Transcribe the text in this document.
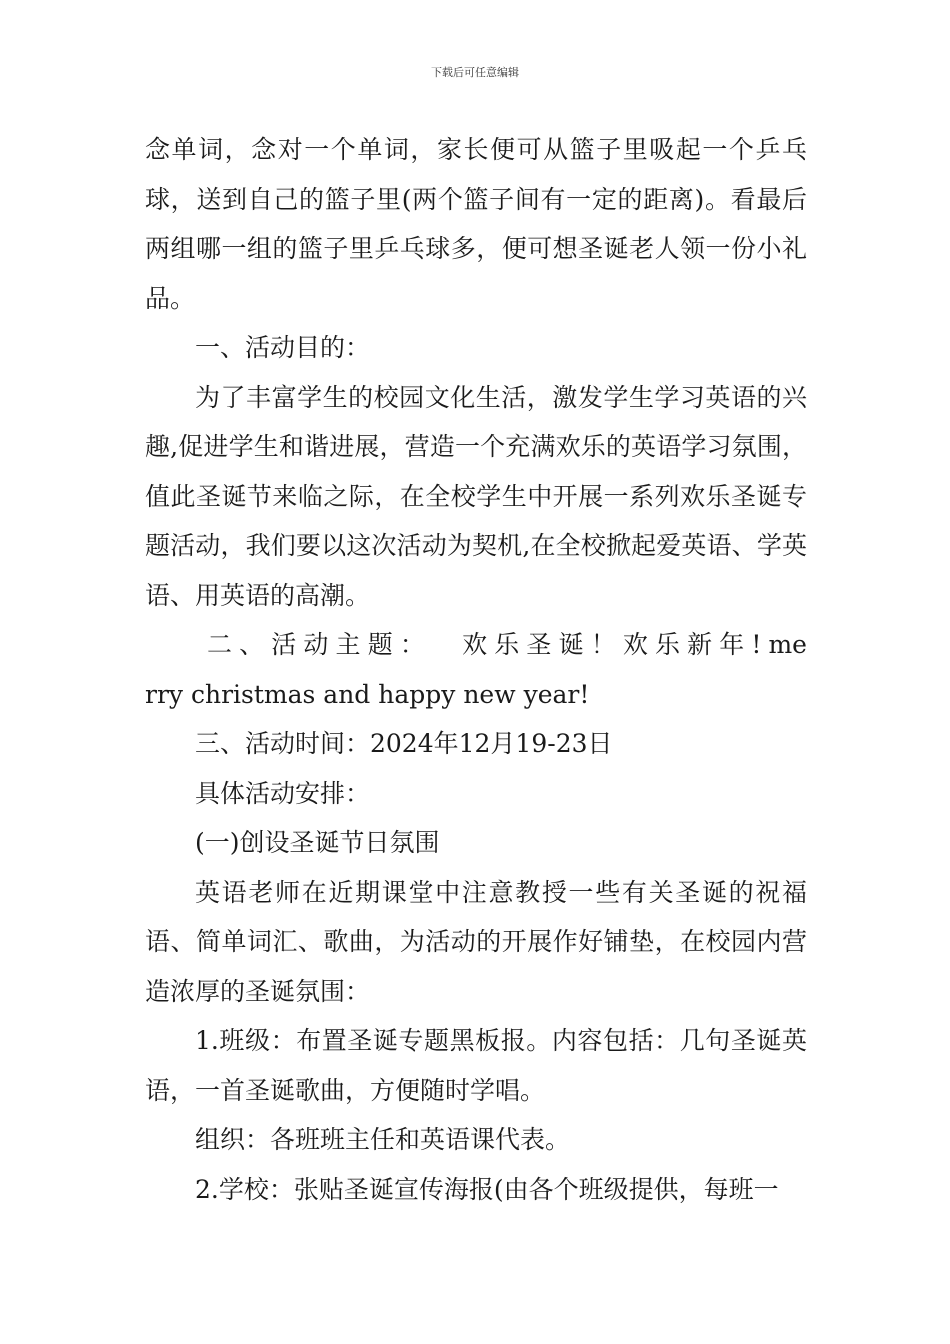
下载后可任意编辑

念单词，念对一个单词，家长便可从篮子里吸起一个乒乓球，送到自己的篮子里(两个篮子间有一定的距离)。看最后两组哪一组的篮子里乒乓球多，便可想圣诞老人领一份小礼品。

一、活动目的：

为了丰富学生的校园文化生活，激发学生学习英语的兴趣,促进学生和谐进展，营造一个充满欢乐的英语学习氛围，值此圣诞节来临之际，在全校学生中开展一系列欢乐圣诞专题活动，我们要以这次活动为契机,在全校掀起爱英语、学英语、用英语的高潮。

二、活动主题： 欢乐圣诞！欢乐新年!merry christmas and happy new year!

三、活动时间：2024年12月19-23日

具体活动安排：

(一)创设圣诞节日氛围

英语老师在近期课堂中注意教授一些有关圣诞的祝福语、简单词汇、歌曲，为活动的开展作好铺垫，在校园内营造浓厚的圣诞氛围：

1.班级：布置圣诞专题黑板报。内容包括：几句圣诞英语，一首圣诞歌曲，方便随时学唱。

组织：各班班主任和英语课代表。

2.学校：张贴圣诞宣传海报(由各个班级提供，每班一
